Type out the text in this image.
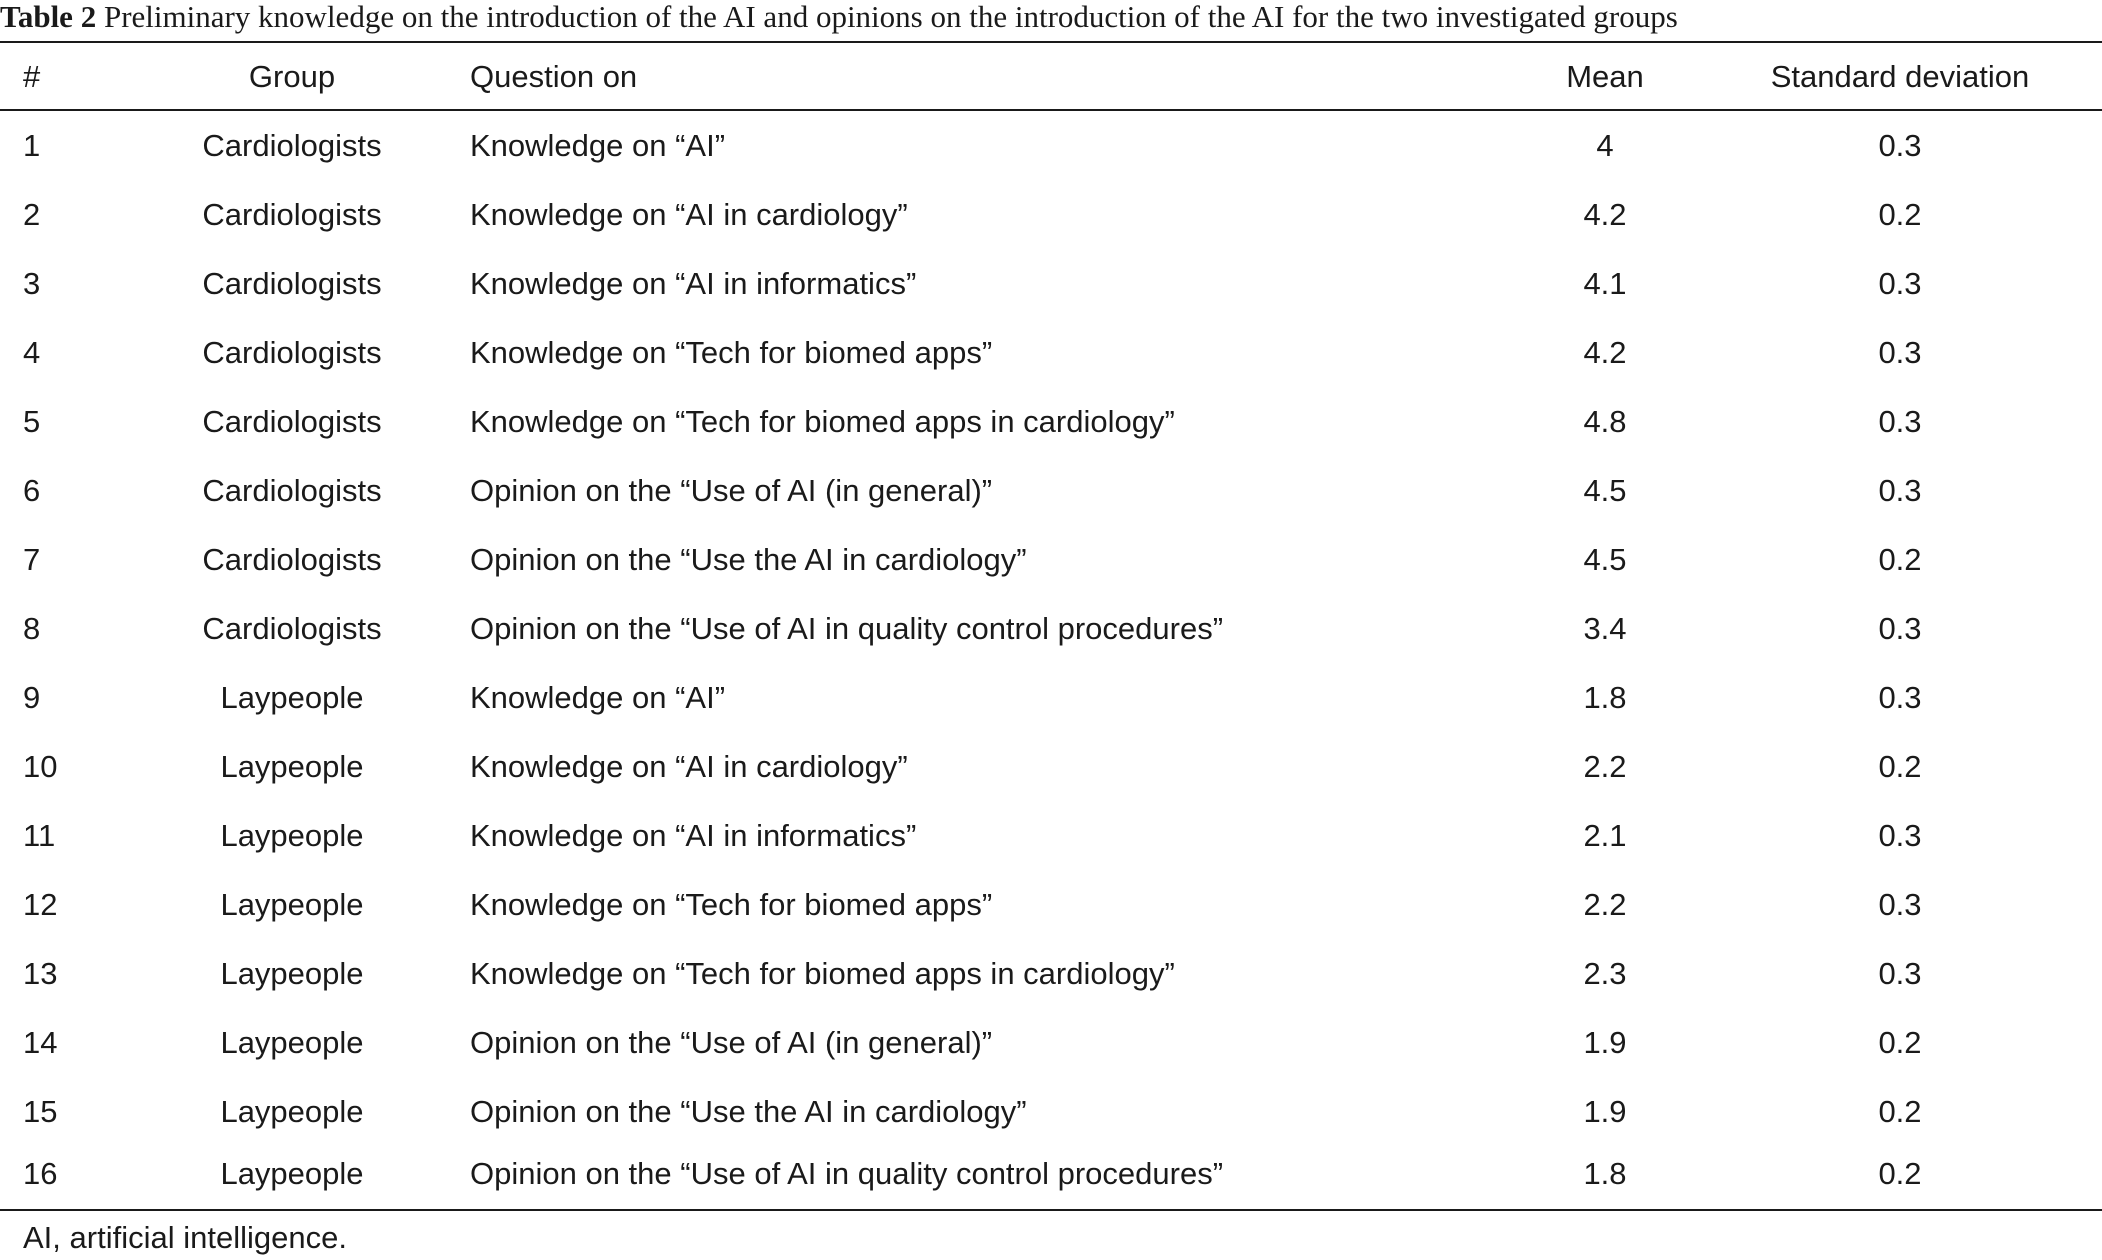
Table 2 Preliminary knowledge on the introduction of the AI and opinions on the introduction of the AI for the two investigated groups
#	Group	Question on	Mean	Standard deviation
1	Cardiologists	Knowledge on “AI”	4	0.3
2	Cardiologists	Knowledge on “AI in cardiology”	4.2	0.2
3	Cardiologists	Knowledge on “AI in informatics”	4.1	0.3
4	Cardiologists	Knowledge on “Tech for biomed apps”	4.2	0.3
5	Cardiologists	Knowledge on “Tech for biomed apps in cardiology”	4.8	0.3
6	Cardiologists	Opinion on the “Use of AI (in general)”	4.5	0.3
7	Cardiologists	Opinion on the “Use the AI in cardiology”	4.5	0.2
8	Cardiologists	Opinion on the “Use of AI in quality control procedures”	3.4	0.3
9	Laypeople	Knowledge on “AI”	1.8	0.3
10	Laypeople	Knowledge on “AI in cardiology”	2.2	0.2
11	Laypeople	Knowledge on “AI in informatics”	2.1	0.3
12	Laypeople	Knowledge on “Tech for biomed apps”	2.2	0.3
13	Laypeople	Knowledge on “Tech for biomed apps in cardiology”	2.3	0.3
14	Laypeople	Opinion on the “Use of AI (in general)”	1.9	0.2
15	Laypeople	Opinion on the “Use the AI in cardiology”	1.9	0.2
16	Laypeople	Opinion on the “Use of AI in quality control procedures”	1.8	0.2
AI, artificial intelligence.
